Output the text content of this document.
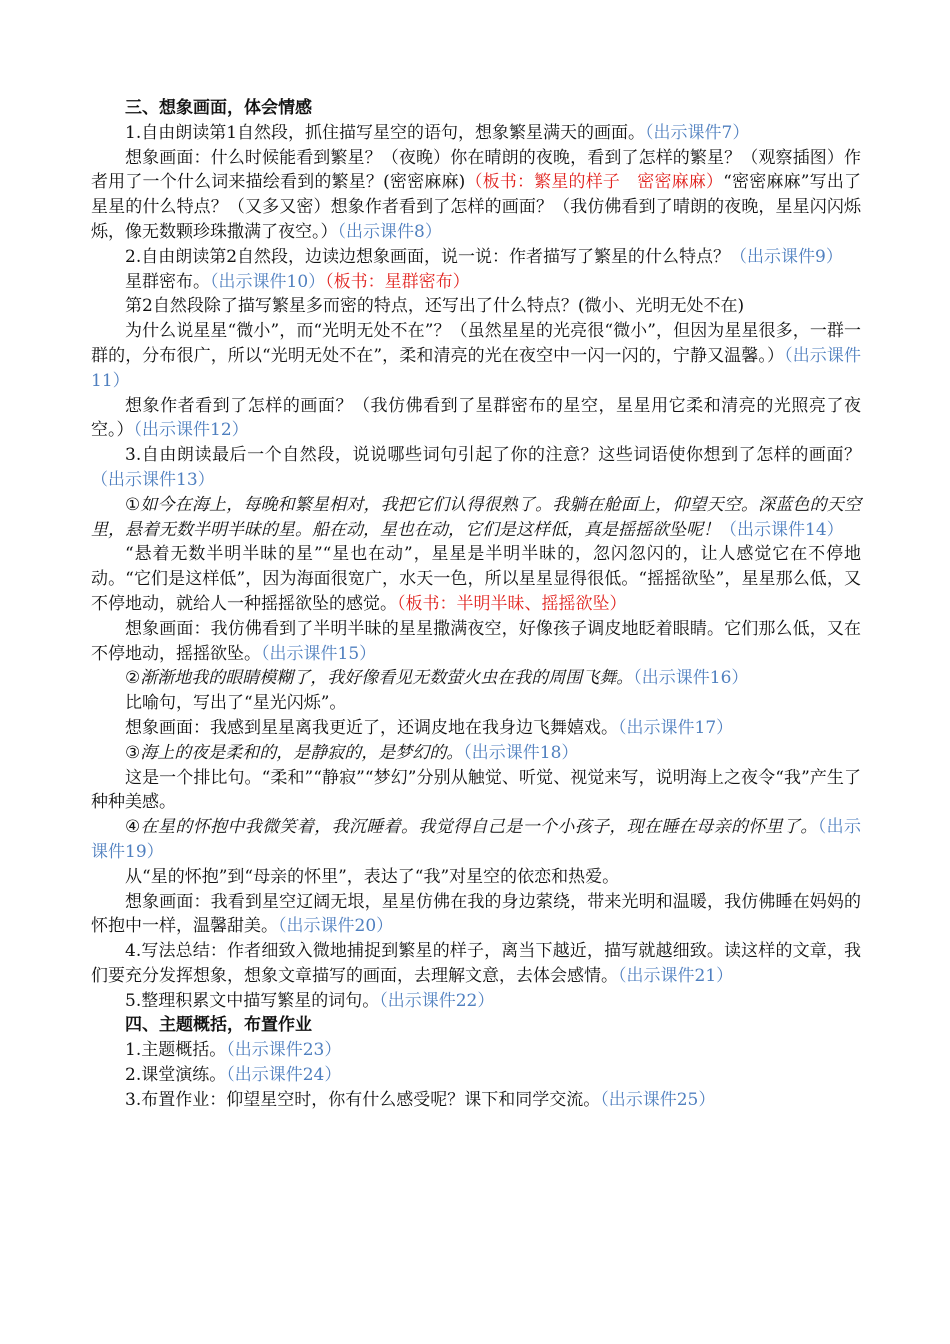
三、想象画面，体会情感

1.自由朗读第1自然段，抓住描写星空的语句，想象繁星满天的画面。（出示课件7）

想象画面：什么时候能看到繁星？（夜晚）你在晴朗的夜晚，看到了怎样的繁星？（观察插图）作者用了一个什么词来描绘看到的繁星？(密密麻麻)（板书：繁星的样子　密密麻麻）“密密麻麻”写出了星星的什么特点？（又多又密）想象作者看到了怎样的画面？（我仿佛看到了晴朗的夜晚，星星闪闪烁烁，像无数颗珍珠撒满了夜空。）（出示课件8）

2.自由朗读第2自然段，边读边想象画面，说一说：作者描写了繁星的什么特点？（出示课件9）

星群密布。（出示课件10）（板书：星群密布）

第2自然段除了描写繁星多而密的特点，还写出了什么特点？(微小、光明无处不在)

为什么说星星“微小”，而“光明无处不在”？（虽然星星的光亮很“微小”，但因为星星很多，一群一群的，分布很广，所以“光明无处不在”，柔和清亮的光在夜空中一闪一闪的，宁静又温馨。）（出示课件11）

想象作者看到了怎样的画面？（我仿佛看到了星群密布的星空，星星用它柔和清亮的光照亮了夜空。）（出示课件12）

3.自由朗读最后一个自然段，说说哪些词句引起了你的注意？这些词语使你想到了怎样的画面？（出示课件13）

①如今在海上，每晚和繁星相对，我把它们认得很熟了。我躺在舱面上，仰望天空。深蓝色的天空里，悬着无数半明半昧的星。船在动，星也在动，它们是这样低，真是摇摇欲坠呢！（出示课件14）

“悬着无数半明半昧的星”“星也在动”，星星是半明半昧的，忽闪忽闪的，让人感觉它在不停地动。“它们是这样低”，因为海面很宽广，水天一色，所以星星显得很低。“摇摇欲坠”，星星那么低，又不停地动，就给人一种摇摇欲坠的感觉。（板书：半明半昧、摇摇欲坠）

想象画面：我仿佛看到了半明半昧的星星撒满夜空，好像孩子调皮地眨着眼睛。它们那么低，又在不停地动，摇摇欲坠。（出示课件15）

②渐渐地我的眼睛模糊了，我好像看见无数萤火虫在我的周围飞舞。（出示课件16）

比喻句，写出了“星光闪烁”。

想象画面：我感到星星离我更近了，还调皮地在我身边飞舞嬉戏。（出示课件17）

③海上的夜是柔和的，是静寂的，是梦幻的。（出示课件18）

这是一个排比句。“柔和”“静寂”“梦幻”分别从触觉、听觉、视觉来写，说明海上之夜令“我”产生了种种美感。

④在星的怀抱中我微笑着，我沉睡着。我觉得自己是一个小孩子，现在睡在母亲的怀里了。（出示课件19）

从“星的怀抱”到“母亲的怀里”，表达了“我”对星空的依恋和热爱。

想象画面：我看到星空辽阔无垠，星星仿佛在我的身边萦绕，带来光明和温暖，我仿佛睡在妈妈的怀抱中一样，温馨甜美。（出示课件20）

4.写法总结：作者细致入微地捕捉到繁星的样子，离当下越近，描写就越细致。读这样的文章，我们要充分发挥想象，想象文章描写的画面，去理解文意，去体会感情。（出示课件21）

5.整理积累文中描写繁星的词句。（出示课件22）

四、主题概括，布置作业

1.主题概括。（出示课件23）

2.课堂演练。（出示课件24）

3.布置作业：仰望星空时，你有什么感受呢？课下和同学交流。（出示课件25）
